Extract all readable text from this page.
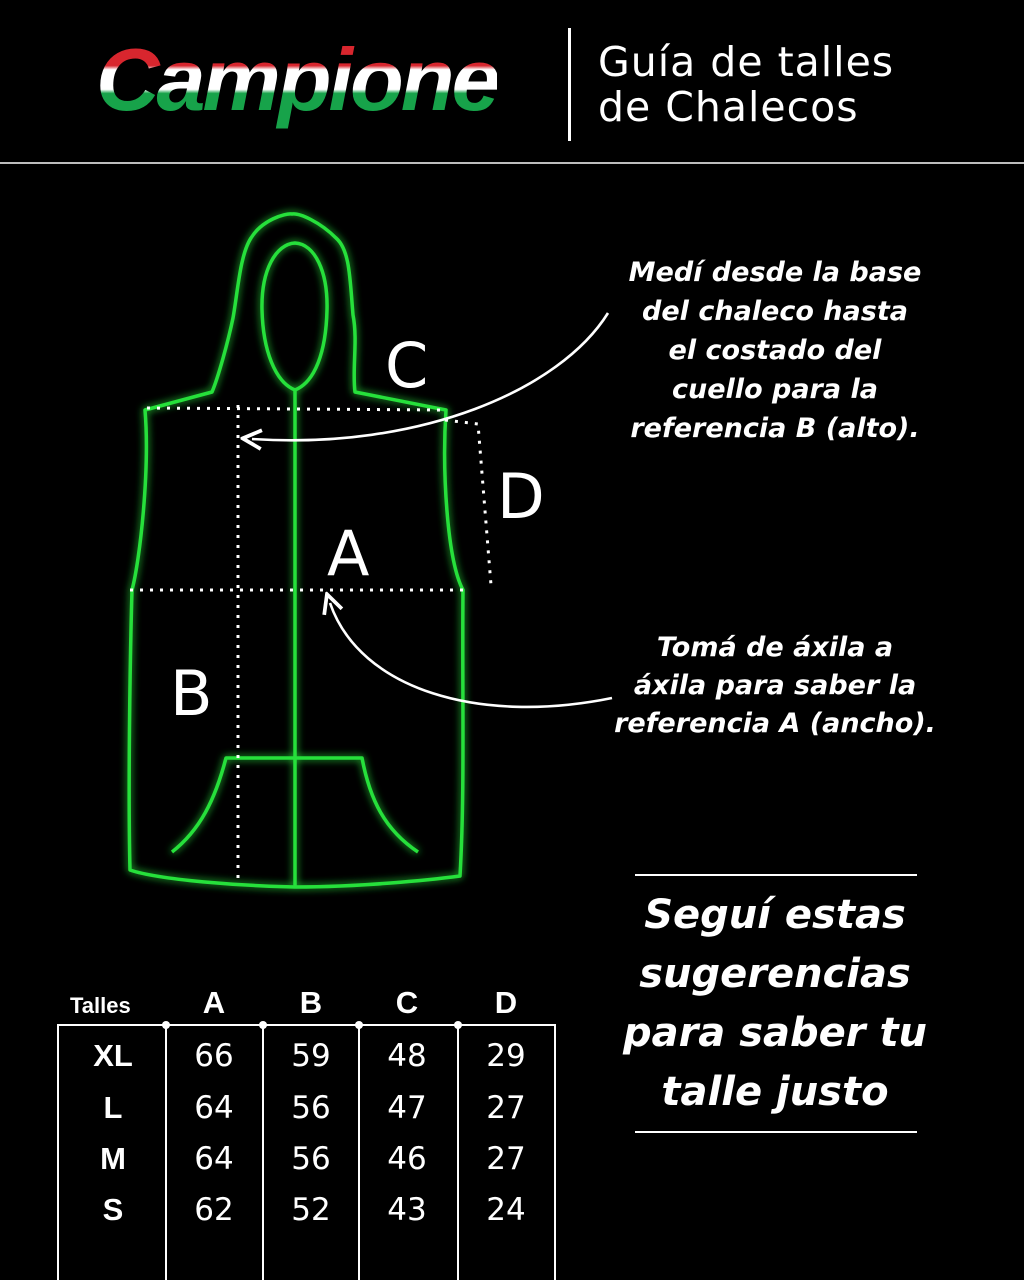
Campione Guía de talles
de Chalecos
C
D
A
B
Medí desde la base
del chaleco hasta
el costado del
cuello para la
referencia B (alto).
Tomá de áxila a
áxila para saber la
referencia A (ancho).
Seguí estas
sugerencias
para saber tu
talle justo
Talles	A	B	C	D
XL	66	59	48	29
L	64	56	47	27
M	64	56	46	27
S	62	52	43	24
